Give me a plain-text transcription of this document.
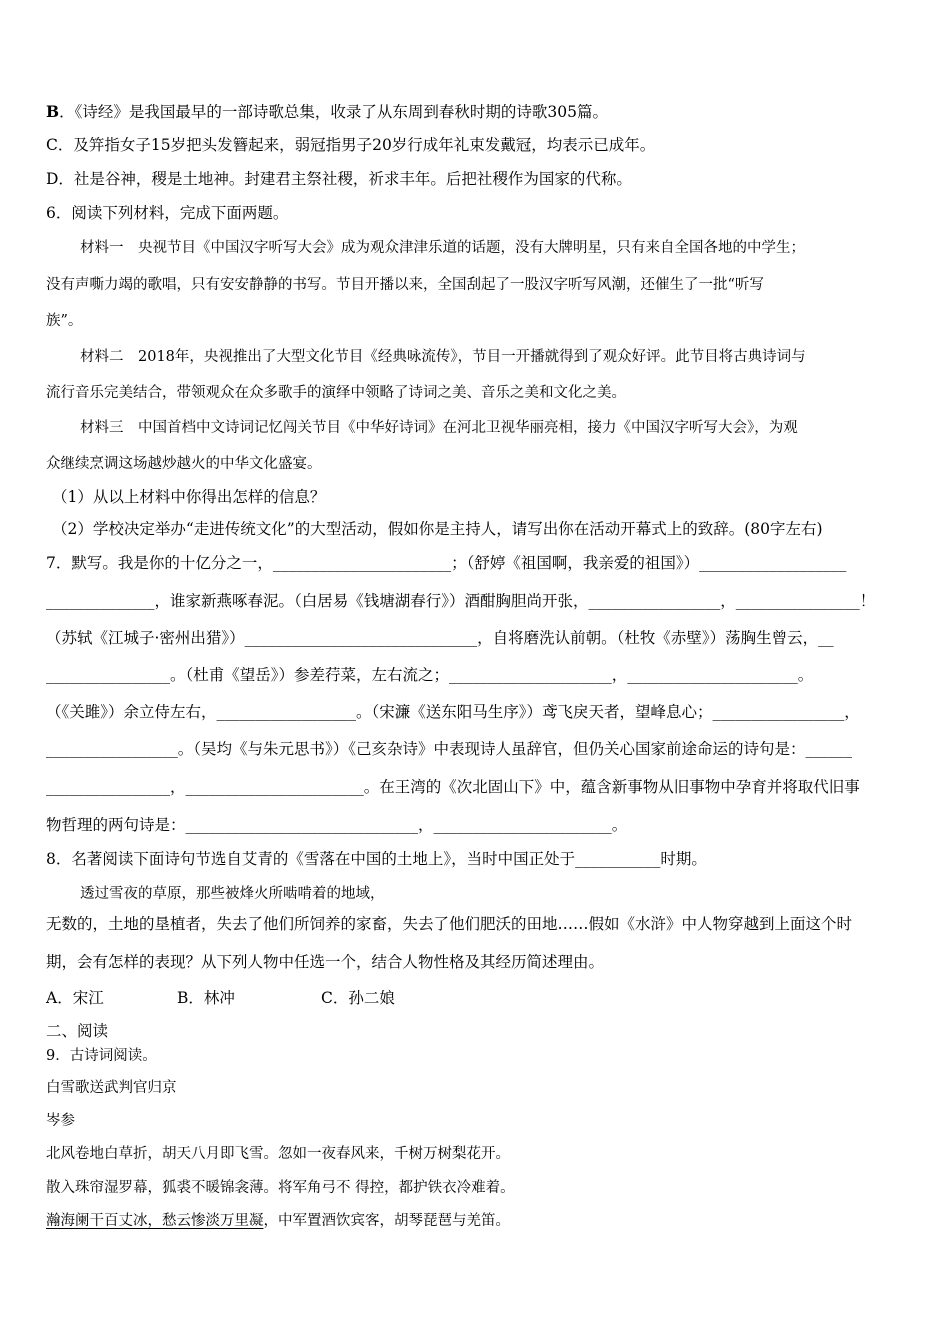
B．《诗经》是我国最早的一部诗歌总集，收录了从东周到春秋时期的诗歌305篇。
C．及笄指女子15岁把头发簪起来，弱冠指男子20岁行成年礼束发戴冠，均表示已成年。
D．社是谷神，稷是土地神。封建君主祭社稷，祈求丰年。后把社稷作为国家的代称。
6．阅读下列材料，完成下面两题。
材料一　央视节目《中国汉字听写大会》成为观众津津乐道的话题，没有大牌明星，只有来自全国各地的中学生；
没有声嘶力竭的歌唱，只有安安静静的书写。节目开播以来，全国刮起了一股汉字听写风潮，还催生了一批“听写
族”。
材料二　2018年，央视推出了大型文化节目《经典咏流传》，节目一开播就得到了观众好评。此节目将古典诗词与
流行音乐完美结合，带领观众在众多歌手的演绎中领略了诗词之美、音乐之美和文化之美。
材料三　中国首档中文诗词记忆闯关节目《中华好诗词》在河北卫视华丽亮相，接力《中国汉字听写大会》，为观
众继续烹调这场越炒越火的中华文化盛宴。
（1）从以上材料中你得出怎样的信息？
（2）学校决定举办“走进传统文化”的大型活动，假如你是主持人，请写出你在活动开幕式上的致辞。(80字左右)
7．默写。我是你的十亿分之一，_______________________；（舒婷《祖国啊，我亲爱的祖国》）___________________
______________，谁家新燕啄春泥。（白居易《钱塘湖春行》）酒酣胸胆尚开张，_________________，________________！
（苏轼《江城子·密州出猎》）______________________________，自将磨洗认前朝。（杜牧《赤壁》）荡胸生曾云，__
________________。（杜甫《望岳》）参差荇菜，左右流之；_____________________，______________________。
（《关雎》）余立侍左右，__________________。（宋濂《送东阳马生序》）鸢飞戾天者，望峰息心；_________________，
_________________。（吴均《与朱元思书》）《己亥杂诗》中表现诗人虽辞官，但仍关心国家前途命运的诗句是：______
________________，_______________________。在王湾的《次北固山下》中，蕴含新事物从旧事物中孕育并将取代旧事
物哲理的两句诗是：______________________________，_______________________。
8．名著阅读下面诗句节选自艾青的《雪落在中国的土地上》，当时中国正处于___________时期。
透过雪夜的草原，那些被烽火所啮啃着的地域，
无数的，土地的垦植者，失去了他们所饲养的家畜，失去了他们肥沃的田地……假如《水浒》中人物穿越到上面这个时
期，会有怎样的表现？从下列人物中任选一个，结合人物性格及其经历简述理由。
A．宋江	B．林冲	C．孙二娘
二、阅读
9．古诗词阅读。
白雪歌送武判官归京
岑参
北风卷地白草折，胡天八月即飞雪。忽如一夜春风来，千树万树梨花开。
散入珠帘湿罗幕，狐裘不暖锦衾薄。将军角弓不 得控，都护铁衣冷难着。
瀚海阑干百丈冰，愁云惨淡万里凝，中军置酒饮宾客，胡琴琵琶与羌笛。
